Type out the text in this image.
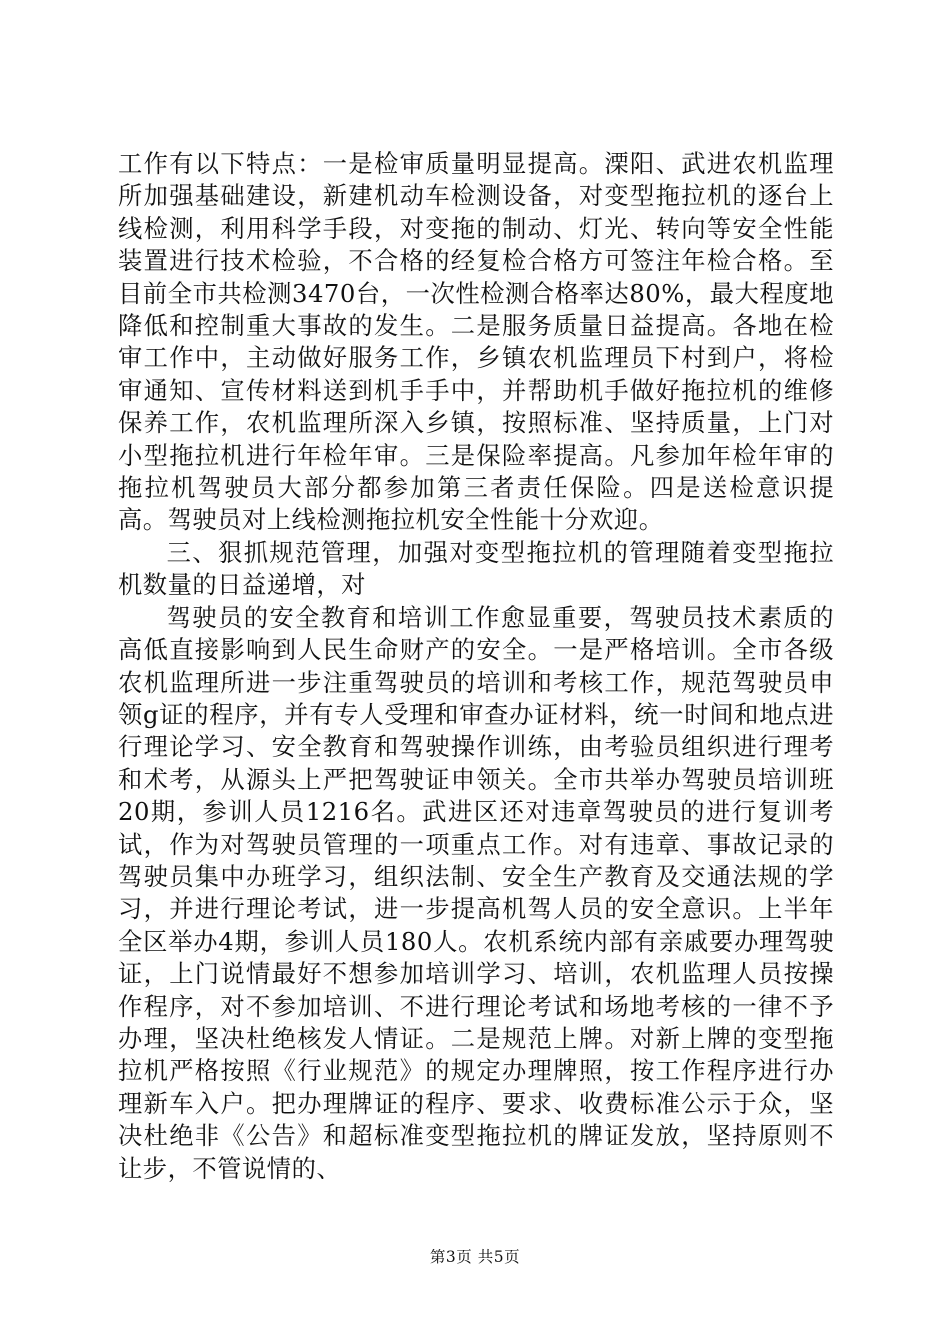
工作有以下特点：一是检审质量明显提高。溧阳、武进农机监理所加强基础建设，新建机动车检测设备，对变型拖拉机的逐台上线检测，利用科学手段，对变拖的制动、灯光、转向等安全性能装置进行技术检验，不合格的经复检合格方可签注年检合格。至目前全市共检测3470台，一次性检测合格率达80%，最大程度地降低和控制重大事故的发生。二是服务质量日益提高。各地在检审工作中，主动做好服务工作，乡镇农机监理员下村到户，将检审通知、宣传材料送到机手手中，并帮助机手做好拖拉机的维修保养工作，农机监理所深入乡镇，按照标准、坚持质量，上门对小型拖拉机进行年检年审。三是保险率提高。凡参加年检年审的拖拉机驾驶员大部分都参加第三者责任保险。四是送检意识提高。驾驶员对上线检测拖拉机安全性能十分欢迎。

三、狠抓规范管理，加强对变型拖拉机的管理随着变型拖拉机数量的日益递增，对

驾驶员的安全教育和培训工作愈显重要，驾驶员技术素质的高低直接影响到人民生命财产的安全。一是严格培训。全市各级农机监理所进一步注重驾驶员的培训和考核工作，规范驾驶员申领g证的程序，并有专人受理和审查办证材料，统一时间和地点进行理论学习、安全教育和驾驶操作训练，由考验员组织进行理考和术考，从源头上严把驾驶证申领关。全市共举办驾驶员培训班20期，参训人员1216名。武进区还对违章驾驶员的进行复训考试，作为对驾驶员管理的一项重点工作。对有违章、事故记录的驾驶员集中办班学习，组织法制、安全生产教育及交通法规的学习，并进行理论考试，进一步提高机驾人员的安全意识。上半年全区举办4期，参训人员180人。农机系统内部有亲戚要办理驾驶证，上门说情最好不想参加培训学习、培训，农机监理人员按操作程序，对不参加培训、不进行理论考试和场地考核的一律不予办理，坚决杜绝核发人情证。二是规范上牌。对新上牌的变型拖拉机严格按照《行业规范》的规定办理牌照，按工作程序进行办理新车入户。把办理牌证的程序、要求、收费标准公示于众，坚决杜绝非《公告》和超标准变型拖拉机的牌证发放，坚持原则不让步，不管说情的、

第3页 共5页
